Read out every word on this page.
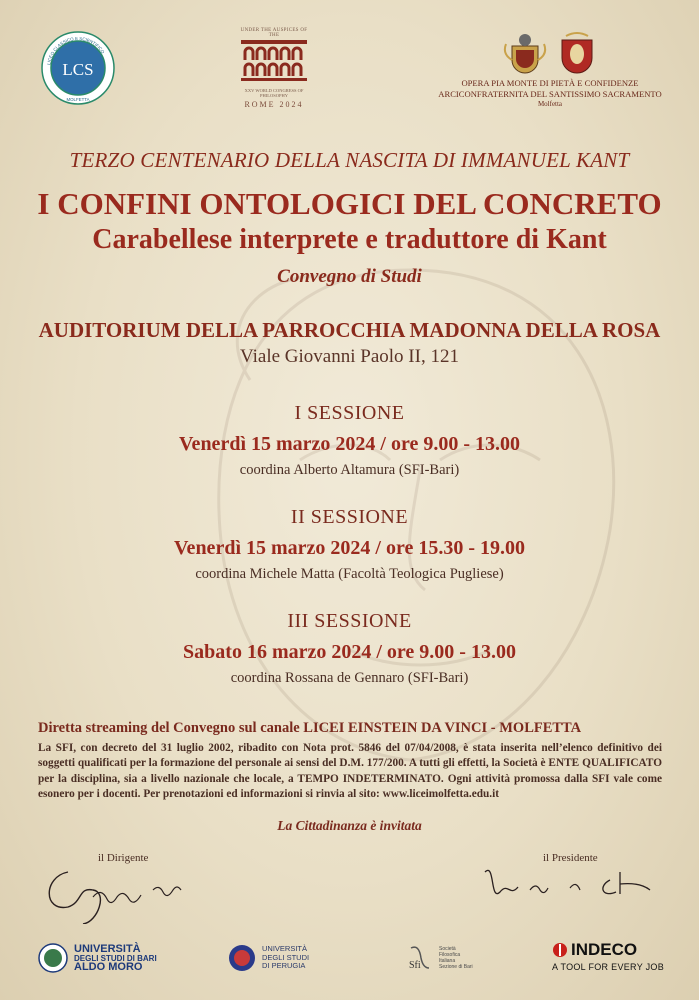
LCS
LICEO CLASSICO E SCIENTIFICO
MOLFETTA
UNDER THE AUSPICES OF THE
XXV WORLD CONGRESS OF PHILOSOPHY
ROME 2024
OPERA PIA MONTE DI PIETÀ E CONFIDENZE
ARCICONFRATERNITA DEL SANTISSIMO SACRAMENTO
Molfetta
TERZO CENTENARIO DELLA NASCITA DI IMMANUEL KANT
I CONFINI ONTOLOGICI DEL CONCRETO
Carabellese interprete e traduttore di Kant
Convegno di Studi
AUDITORIUM DELLA PARROCCHIA MADONNA DELLA ROSA
Viale Giovanni Paolo II, 121
I SESSIONE
Venerdì 15 marzo 2024 / ore 9.00 - 13.00
coordina Alberto Altamura (SFI-Bari)
II SESSIONE
Venerdì 15 marzo 2024 / ore 15.30 - 19.00
coordina Michele Matta (Facoltà Teologica Pugliese)
III SESSIONE
Sabato 16 marzo 2024 / ore 9.00 - 13.00
coordina Rossana de Gennaro (SFI-Bari)
Diretta streaming del Convegno sul canale LICEI EINSTEIN DA VINCI - MOLFETTA
La SFI, con decreto del 31 luglio 2002, ribadito con Nota prot. 5846 del 07/04/2008, è stata inserita nell’elenco definitivo dei soggetti qualificati per la formazione del personale ai sensi del D.M. 177/200. A tutti gli effetti, la Società è ENTE QUALIFICATO per la disciplina, sia a livello nazionale che locale, a TEMPO INDETERMINATO. Ogni attività promossa dalla SFI vale come esonero per i docenti. Per prenotazioni ed informazioni si rinvia al sito: www.liceimolfetta.edu.it
La Cittadinanza è invitata
Giuseppe Lasti	il Dirigente	Felice de C.	il Presidente
UNIVERSITÀ
DEGLI STUDI DI BARI
ALDO MORO
UNIVERSITÀ
DEGLI STUDI
DI PERUGIA	Sfi
Società
Filosofica
Italiana
Sezione di Bari
INDECO
A TOOL FOR EVERY JOB
